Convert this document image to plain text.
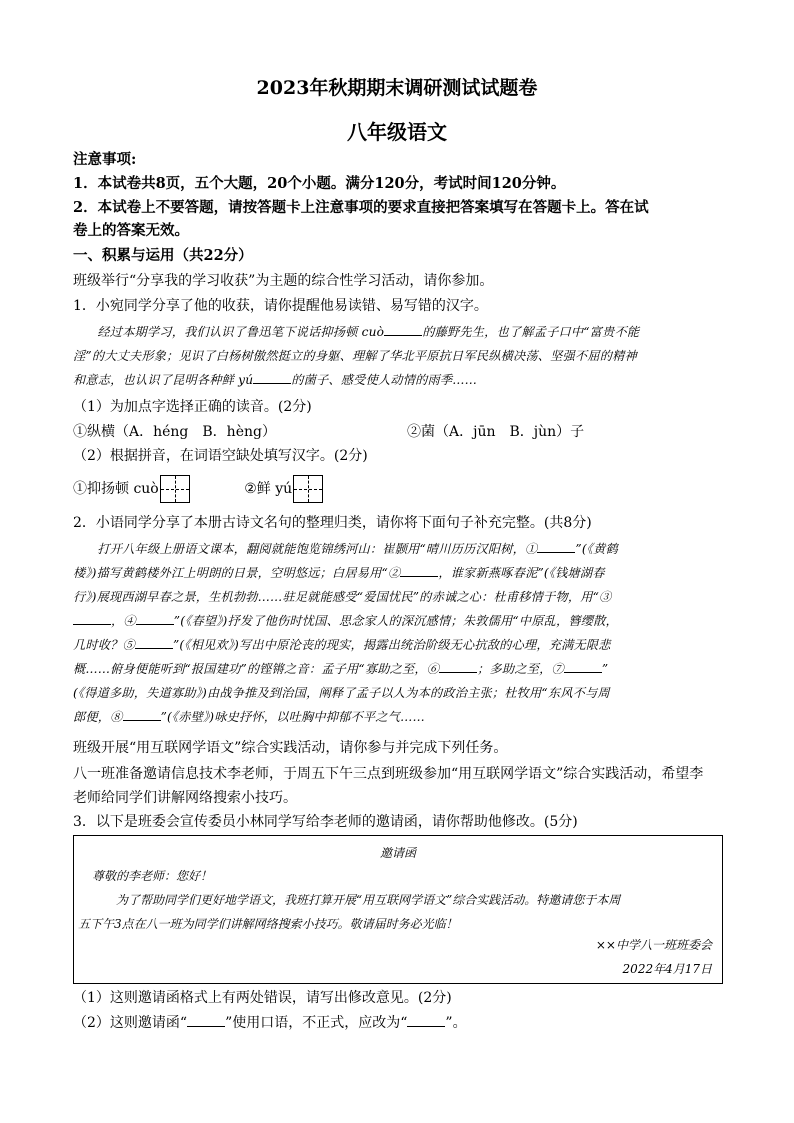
2023年秋期期末调研测试试题卷
八年级语文
注意事项:
1．本试卷共8页，五个大题，20个小题。满分120分，考试时间120分钟。
2．本试卷上不要答题，请按答题卡上注意事项的要求直接把答案填写在答题卡上。答在试
卷上的答案无效。
一、积累与运用（共22分）
班级举行“分享我的学习收获”为主题的综合性学习活动，请你参加。
1．小宛同学分享了他的收获，请你提醒他易读错、易写错的汉字。
经过本期学习，我们认识了鲁迅笔下说话抑扬顿 cuò	的藤野先生，也了解孟子口中“富贵不能
淫”的大丈夫形象；见识了白杨树傲然挺立的身躯、理解了华北平原抗日军民纵横决荡、坚强不屈的精神
和意志，也认识了昆明各种鲜 yú	的菌子、感受使人动情的雨季……
（1）为加点字选择正确的读音。(2分)
①纵横（A．héng　B．hèng）	②菌（A．jūn　B．jùn）子
（2）根据拼音，在词语空缺处填写汉字。(2分)
①抑扬顿 cuò	②鲜 yú
2．小语同学分享了本册古诗文名句的整理归类，请你将下面句子补充完整。(共8分)
打开八年级上册语文课本，翻阅就能饱览锦绣河山：崔颢用“晴川历历汉阳树，①	”(《黄鹤
楼》)描写黄鹤楼外江上明朗的日景，空明悠远；白居易用“②	，谁家新燕啄春泥”(《钱塘湖春
行》)展现西湖早春之景，生机勃勃……驻足就能感受“爱国忧民”的赤诚之心：杜甫移情于物，用“③
，④	”(《春望》)抒发了他伤时忧国、思念家人的深沉感情；朱敦儒用“中原乱，簪缨散，
几时收？⑤	”(《相见欢》)写出中原沦丧的现实，揭露出统治阶级无心抗敌的心理，充满无限悲
概……俯身便能听到“报国建功”的铿锵之音：孟子用“寡助之至，⑥	；多助之至，⑦	”
(《得道多助，失道寡助》)由战争推及到治国，阐释了孟子以人为本的政治主张；杜牧用“东风不与周
郎便，⑧	”(《赤壁》)咏史抒怀，以吐胸中抑郁不平之气……
班级开展“用互联网学语文”综合实践活动，请你参与并完成下列任务。
八一班准备邀请信息技术李老师，于周五下午三点到班级参加“用互联网学语文”综合实践活动，希望李
老师给同学们讲解网络搜索小技巧。
3．以下是班委会宣传委员小林同学写给李老师的邀请函，请你帮助他修改。(5分)
邀请函
尊敬的李老师：您好！
为了帮助同学们更好地学语文，我班打算开展“用互联网学语文”综合实践活动。特邀请您于本周
五下午3点在八一班为同学们讲解网络搜索小技巧。敬请届时务必光临！
××中学八一班班委会
2022年4月17日
（1）这则邀请函格式上有两处错误，请写出修改意见。(2分)
（2）这则邀请函“	”使用口语，不正式，应改为“	”。
